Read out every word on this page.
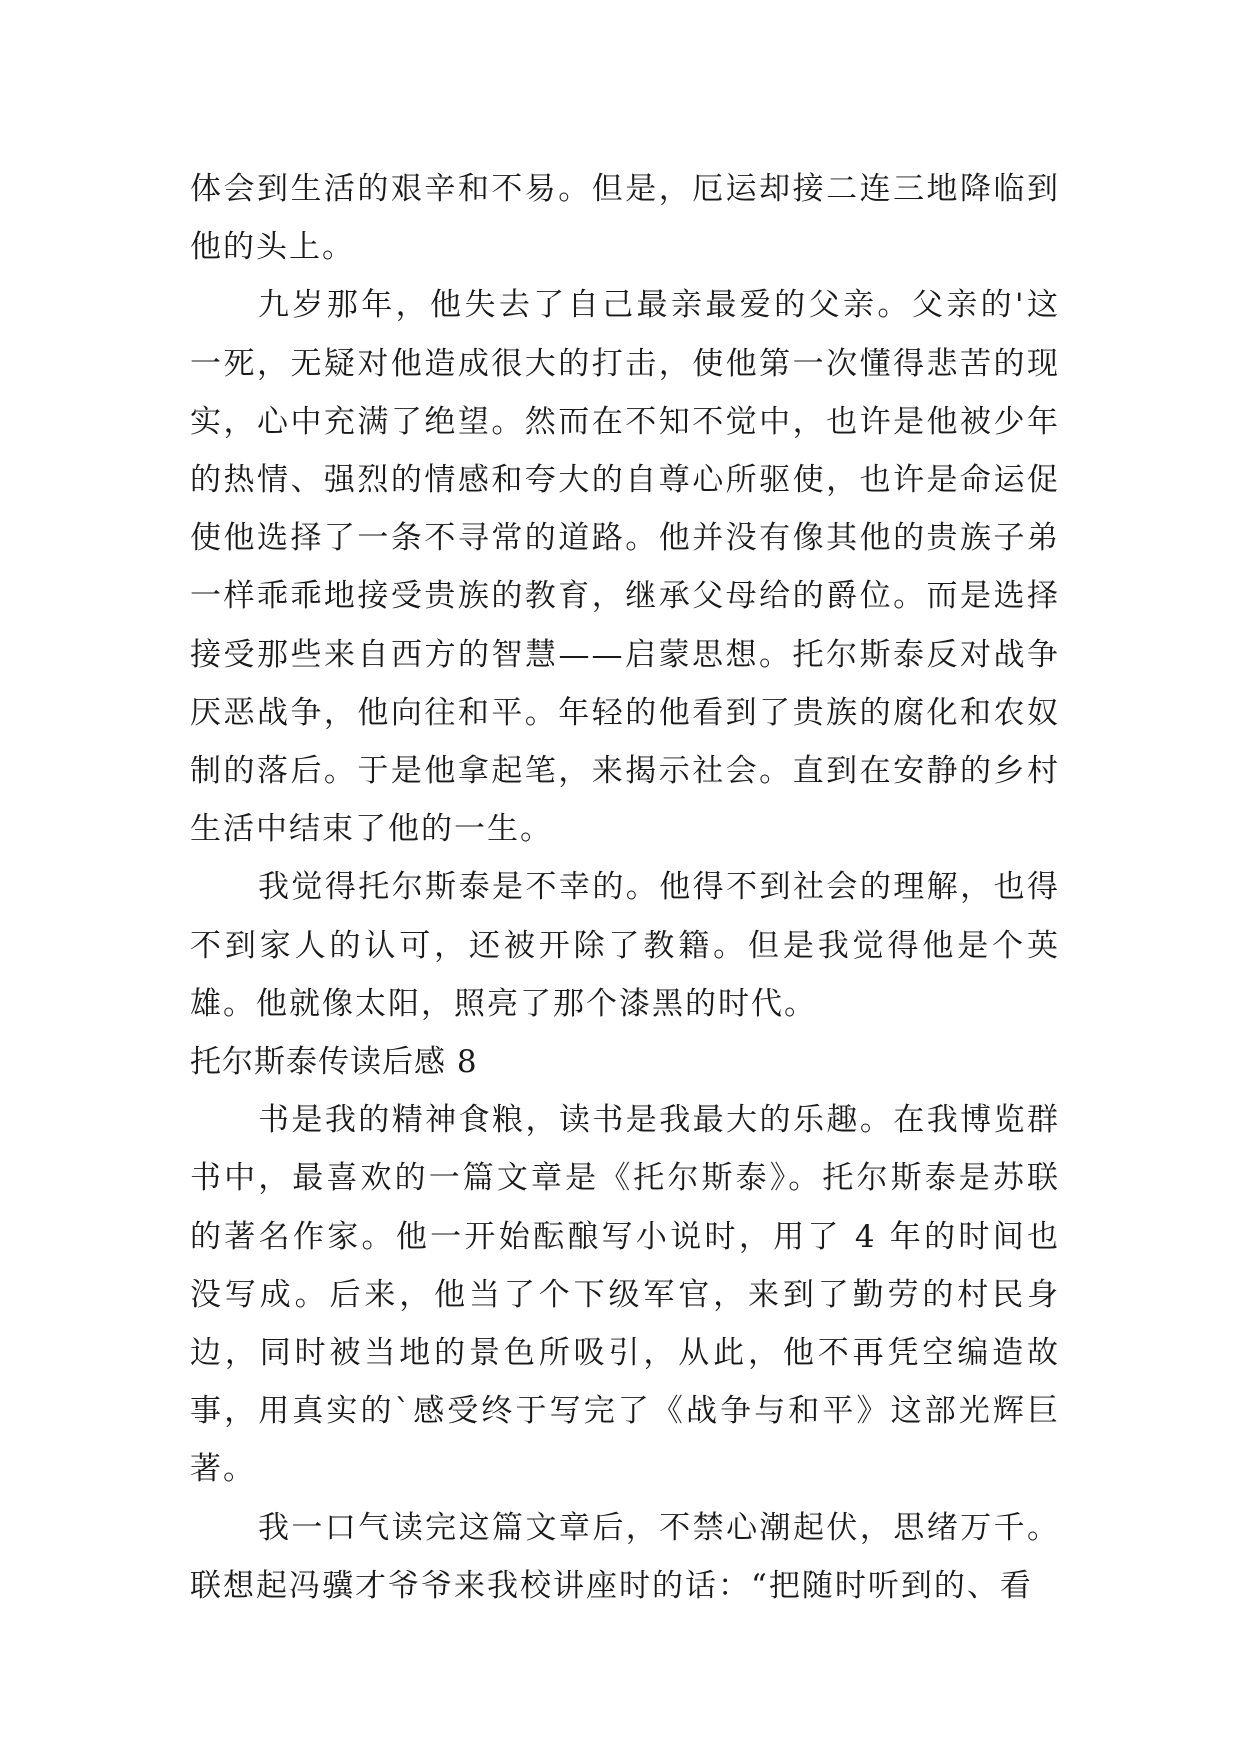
体会到生活的艰辛和不易。但是，厄运却接二连三地降临到他的头上。

九岁那年，他失去了自己最亲最爱的父亲。父亲的'这一死，无疑对他造成很大的打击，使他第一次懂得悲苦的现实，心中充满了绝望。然而在不知不觉中，也许是他被少年的热情、强烈的情感和夸大的自尊心所驱使，也许是命运促使他选择了一条不寻常的道路。他并没有像其他的贵族子弟一样乖乖地接受贵族的教育，继承父母给的爵位。而是选择接受那些来自西方的智慧——启蒙思想。托尔斯泰反对战争厌恶战争，他向往和平。年轻的他看到了贵族的腐化和农奴制的落后。于是他拿起笔，来揭示社会。直到在安静的乡村生活中结束了他的一生。

我觉得托尔斯泰是不幸的。他得不到社会的理解，也得不到家人的认可，还被开除了教籍。但是我觉得他是个英雄。他就像太阳，照亮了那个漆黑的时代。

托尔斯泰传读后感 8

书是我的精神食粮，读书是我最大的乐趣。在我博览群书中，最喜欢的一篇文章是《托尔斯泰》。托尔斯泰是苏联的著名作家。他一开始酝酿写小说时，用了 4 年的时间也没写成。后来，他当了个下级军官，来到了勤劳的村民身边，同时被当地的景色所吸引，从此，他不再凭空编造故事，用真实的`感受终于写完了《战争与和平》这部光辉巨著。

我一口气读完这篇文章后，不禁心潮起伏，思绪万千。联想起冯骥才爷爷来我校讲座时的话：“把随时听到的、看
